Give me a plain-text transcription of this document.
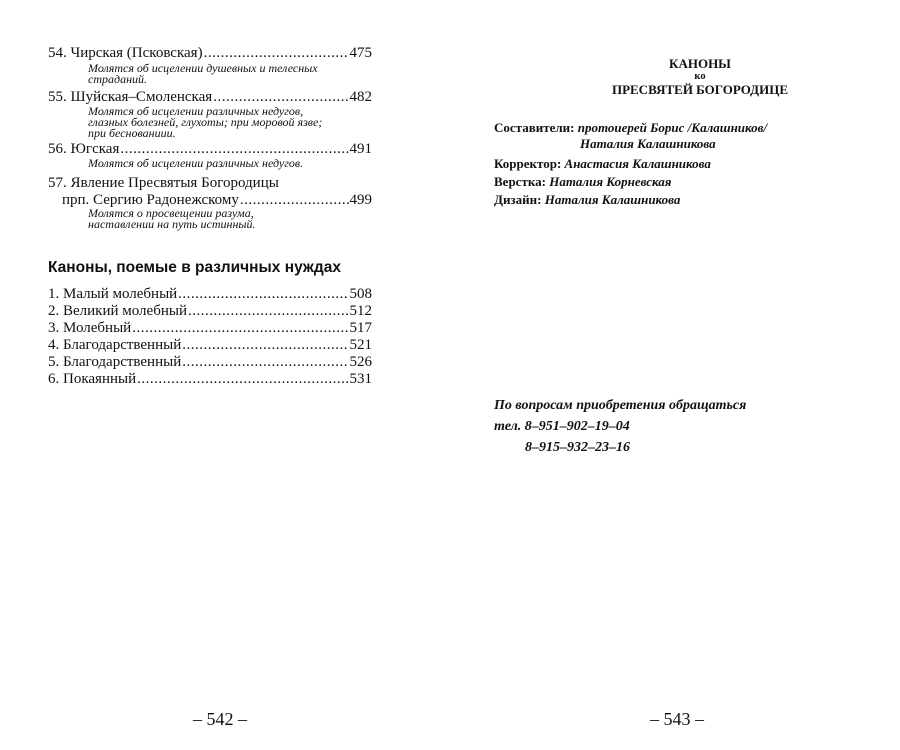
54. Чирская (Псковская) .....	475
Молятся об исцелении душевных и телесных
страданий.
55. Шуйская–Смоленская .....	482
Молятся об исцелении различных недугов,
глазных болезней, глухоты; при моровой язве;
при беснованиии.
56. Югская .....	491
Молятся об исцелении различных недугов.
57. Явление Пресвятыя Богородицы
прп. Сергию Радонежскому .....	499
Молятся о просвещении разума,
наставлении на путь истинный.
Каноны, поемые в различных нуждах
1. Малый молебный .....	508
2. Великий молебный .....	512
3. Молебный .....	517
4. Благодарственный .....	521
5. Благодарственный .....	526
6. Покаянный .....	531
– 542 –
КАНОНЫ
ко
ПРЕСВЯТЕЙ БОГОРОДИЦЕ
Составители: протоиерей Борис /Калашников/
Наталия Калашникова
Корректор: Анастасия Калашникова
Верстка: Наталия Корневская
Дизайн: Наталия Калашникова
По вопросам приобретения обращаться
тел. 8–951–902–19–04
8–915–932–23–16
– 543 –
